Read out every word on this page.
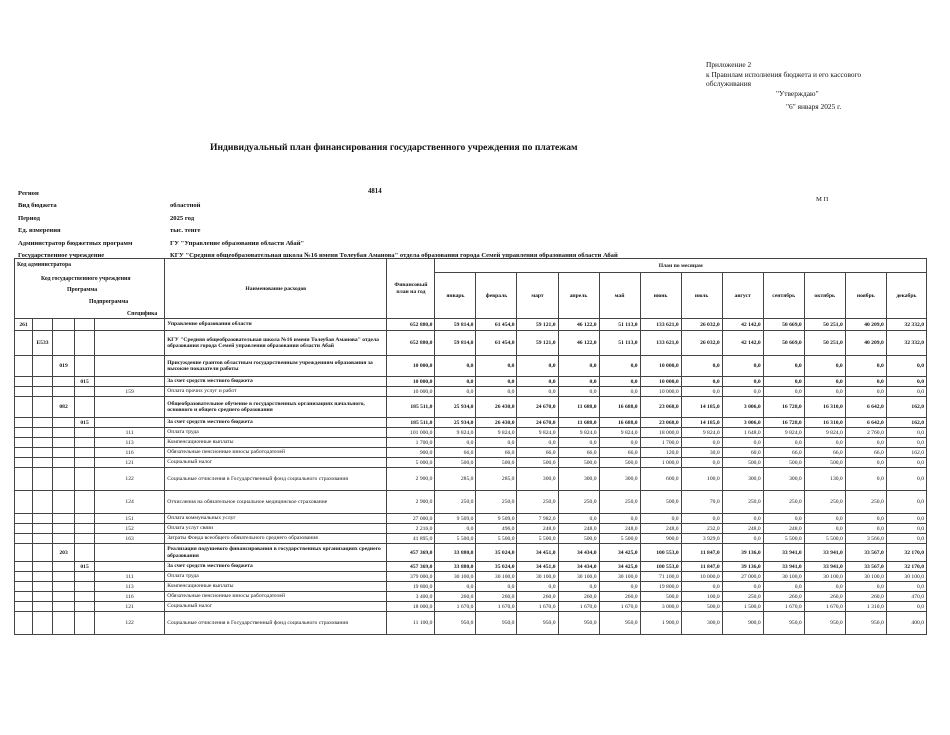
Приложение 2
к Правилам исполнения бюджета и его кассового
обслуживания
"Утверждаю"
"6" января 2025 г.
Индивидуальный план финансирования государственного учреждения по платежам
4814
М П
Регион
Вид бюджета	областной
Период	2025 год
Ед. измерения	тыс. тенге
Администратор бюджетных программ	ГУ "Управление образования области Абай"
Государственное учреждение	КГУ "Средняя общеобразовательная школа №16 имени Толеубая Аманова" отдела образования города Семей управления образования области Абай
Код администратора
Код государственного учреждения
Программа
Подпрограмма
Специфика					Наименование расходов	Финансовый план на год	План по месяцам											
							январь	февраль	март	апрель	май	июнь	июль	август	сентябрь	октябрь	ноябрь	декабрь
261					Управление образования области	652 880,0	59 814,0	61 454,0	59 121,0	46 122,0	51 113,0	133 621,0	26 032,0	42 142,0	50 669,0	50 251,0	40 209,0	32 332,0
	Е533				КГУ "Средняя общеобразовательная школа №16 имени Толеубая Аманова" отдела образования города Семей управления образования области Абай	652 880,0	59 814,0	61 454,0	59 121,0	46 122,0	51 113,0	133 621,0	26 032,0	42 142,0	50 669,0	50 251,0	40 209,0	32 332,0
		019			Присуждение грантов областным государственным учреждениям образования за высокие показатели работы	10 000,0	0,0	0,0	0,0	0,0	0,0	10 000,0	0,0	0,0	0,0	0,0	0,0	0,0
			015		За счет средств местного бюджета	10 000,0	0,0	0,0	0,0	0,0	0,0	10 000,0	0,0	0,0	0,0	0,0	0,0	0,0
				159	Оплата прочих услуг и работ	10 000,0	0,0	0,0	0,0	0,0	0,0	10 000,0	0,0	0,0	0,0	0,0	0,0	0,0
		082			Общеобразовательное обучение в государственных организациях начального, основного и общего среднего образования	185 511,0	25 934,0	26 430,0	24 670,0	11 688,0	16 688,0	23 068,0	14 185,0	3 006,0	16 728,0	16 310,0	6 642,0	162,0
			015		За счет средств местного бюджета	185 511,0	25 934,0	26 430,0	24 670,0	11 688,0	16 688,0	23 068,0	14 185,0	3 006,0	16 728,0	16 310,0	6 642,0	162,0
				111	Оплата труда	101 000,0	9 824,0	9 824,0	9 824,0	9 824,0	9 824,0	18 000,0	9 824,0	1 648,0	9 824,0	9 824,0	2 760,0	0,0
				113	Компенсационные выплаты	1 700,0	0,0	0,0	0,0	0,0	0,0	1 700,0	0,0	0,0	0,0	0,0	0,0	0,0
				116	Обязательные пенсионные взносы работодателей	900,0	66,0	66,0	66,0	66,0	66,0	120,0	30,0	60,0	66,0	66,0	66,0	162,0
				121	Социальный налог	5 000,0	500,0	500,0	500,0	500,0	500,0	1 000,0	0,0	500,0	500,0	500,0	0,0	0,0
				122	Социальные отчисления в Государственный фонд социального страхования	2 900,0	285,0	285,0	300,0	300,0	300,0	600,0	100,0	300,0	300,0	130,0	0,0	0,0
				124	Отчисления на обязательное социальное медицинское страхование	2 900,0	250,0	250,0	250,0	250,0	250,0	500,0	70,0	250,0	250,0	250,0	250,0	0,0
				151	Оплата коммунальных услуг	27 000,0	9 509,0	9 509,0	7 982,0	0,0	0,0	0,0	0,0	0,0	0,0	0,0	0,0	0,0
				152	Оплата услуг связи	2 216,0	0,0	496,0	248,0	248,0	248,0	248,0	232,0	248,0	248,0	0,0	0,0	0,0
				163	Затраты Фонда всеобщего обязательного среднего образования	41 895,0	5 500,0	5 500,0	5 500,0	500,0	5 500,0	900,0	3 929,0	0,0	5 500,0	5 500,0	3 566,0	0,0
		203			Реализация подушевого финансирования в государственных организациях среднего образования	457 369,0	33 880,0	35 024,0	34 451,0	34 434,0	34 425,0	100 553,0	11 847,0	39 136,0	33 941,0	33 941,0	33 567,0	32 170,0
			015		За счет средств местного бюджета	457 369,0	33 880,0	35 024,0	34 451,0	34 434,0	34 425,0	100 553,0	11 847,0	39 136,0	33 941,0	33 941,0	33 567,0	32 170,0
				111	Оплата труда	379 000,0	30 100,0	30 100,0	30 100,0	30 100,0	30 100,0	71 100,0	10 000,0	27 000,0	30 100,0	30 100,0	30 100,0	30 100,0
				113	Компенсационные выплаты	19 800,0	0,0	0,0	0,0	0,0	0,0	19 800,0	0,0	0,0	0,0	0,0	0,0	0,0
				116	Обязательные пенсионные взносы работодателей	3 400,0	260,0	260,0	260,0	260,0	260,0	500,0	100,0	250,0	260,0	260,0	260,0	470,0
				121	Социальный налог	18 000,0	1 670,0	1 670,0	1 670,0	1 670,0	1 670,0	3 000,0	500,0	1 500,0	1 670,0	1 670,0	1 310,0	0,0
				122	Социальные отчисления в Государственный фонд социального страхования	11 100,0	950,0	950,0	950,0	950,0	950,0	1 900,0	300,0	900,0	950,0	950,0	950,0	400,0
